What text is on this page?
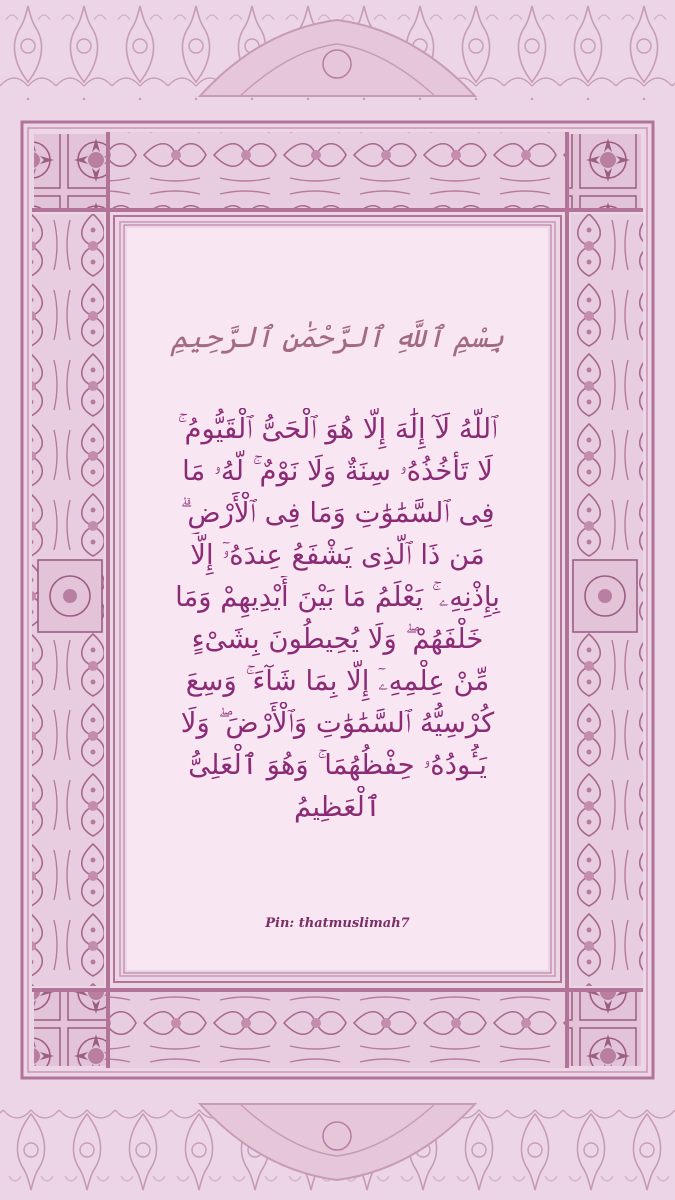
بِسْمِ ٱللَّهِ ٱلرَّحْمَٰنِ ٱلرَّحِيمِ
ٱللَّهُ لَآ إِلَٰهَ إِلَّا هُوَ ٱلْحَىُّ ٱلْقَيُّومُ ۚ
لَا تَأْخُذُهُۥ سِنَةٌ وَلَا نَوْمٌ ۚ لَّهُۥ مَا
فِى ٱلسَّمَٰوَٰتِ وَمَا فِى ٱلْأَرْضِ ۗ
مَن ذَا ٱلَّذِى يَشْفَعُ عِندَهُۥٓ إِلَّا
بِإِذْنِهِۦ ۚ يَعْلَمُ مَا بَيْنَ أَيْدِيهِمْ وَمَا
خَلْفَهُمْ ۖ وَلَا يُحِيطُونَ بِشَىْءٍ
مِّنْ عِلْمِهِۦٓ إِلَّا بِمَا شَآءَ ۚ وَسِعَ
كُرْسِيُّهُ ٱلسَّمَٰوَٰتِ وَٱلْأَرْضَ ۖ وَلَا
يَـُٔودُهُۥ حِفْظُهُمَا ۚ وَهُوَ ٱلْعَلِىُّ
ٱلْعَظِيمُ
Pin: thatmuslimah7
